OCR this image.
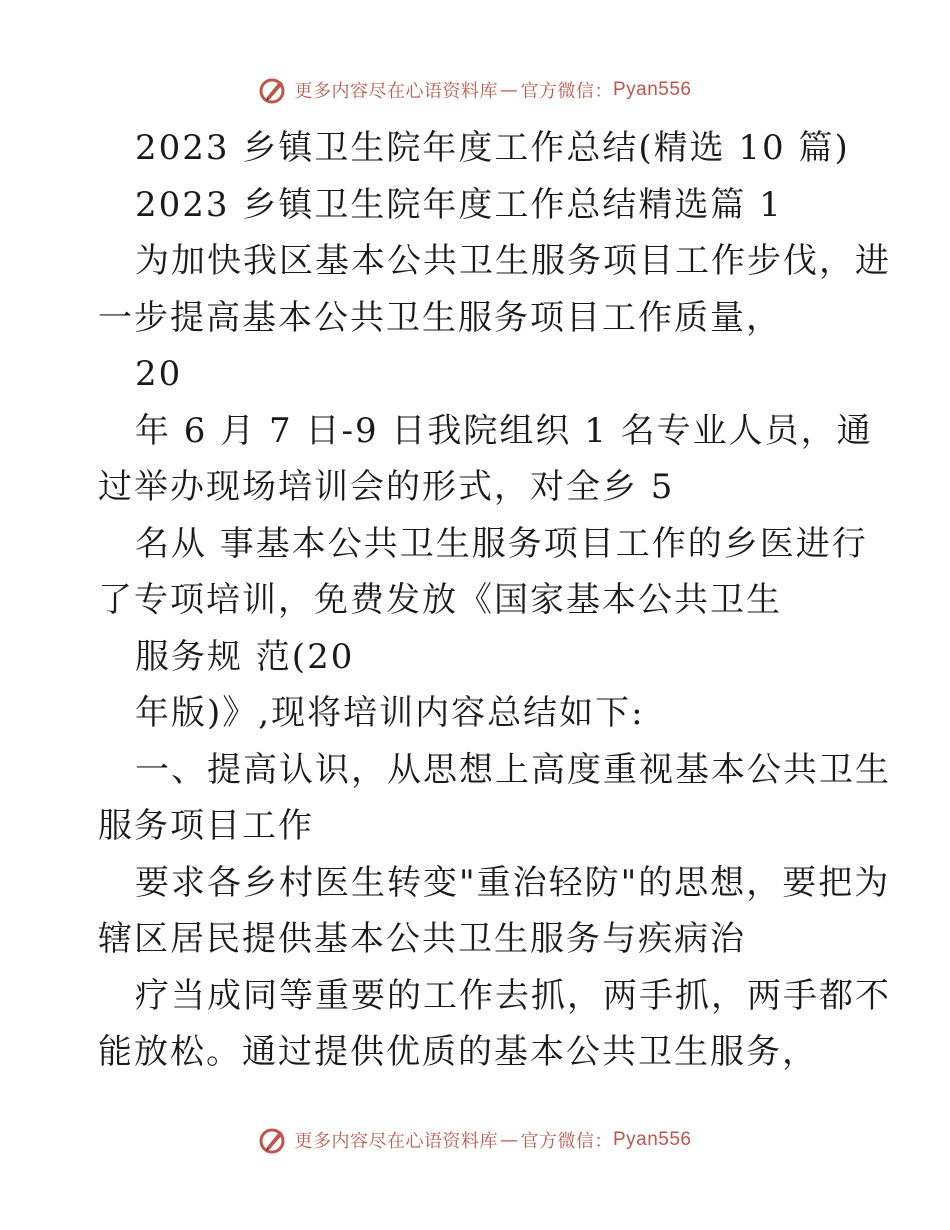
更多内容尽在心语资料库 — 官方微信： Pyan556
2023 乡镇卫生院年度工作总结(精选 10 篇)
2023 乡镇卫生院年度工作总结精选篇 1
为加快我区基本公共卫生服务项目工作步伐，进
一步提高基本公共卫生服务项目工作质量，
20
年 6 月 7 日-9 日我院组织 1 名专业人员，通
过举办现场培训会的形式，对全乡 5
名从 事基本公共卫生服务项目工作的乡医进行
了专项培训，免费发放《国家基本公共卫生
服务规 范(20
年版)》,现将培训内容总结如下:
一、提高认识，从思想上高度重视基本公共卫生
服务项目工作
要求各乡村医生转变"重治轻防"的思想，要把为
辖区居民提供基本公共卫生服务与疾病治
疗当成同等重要的工作去抓，两手抓，两手都不
能放松。通过提供优质的基本公共卫生服务，
更多内容尽在心语资料库 — 官方微信： Pyan556
